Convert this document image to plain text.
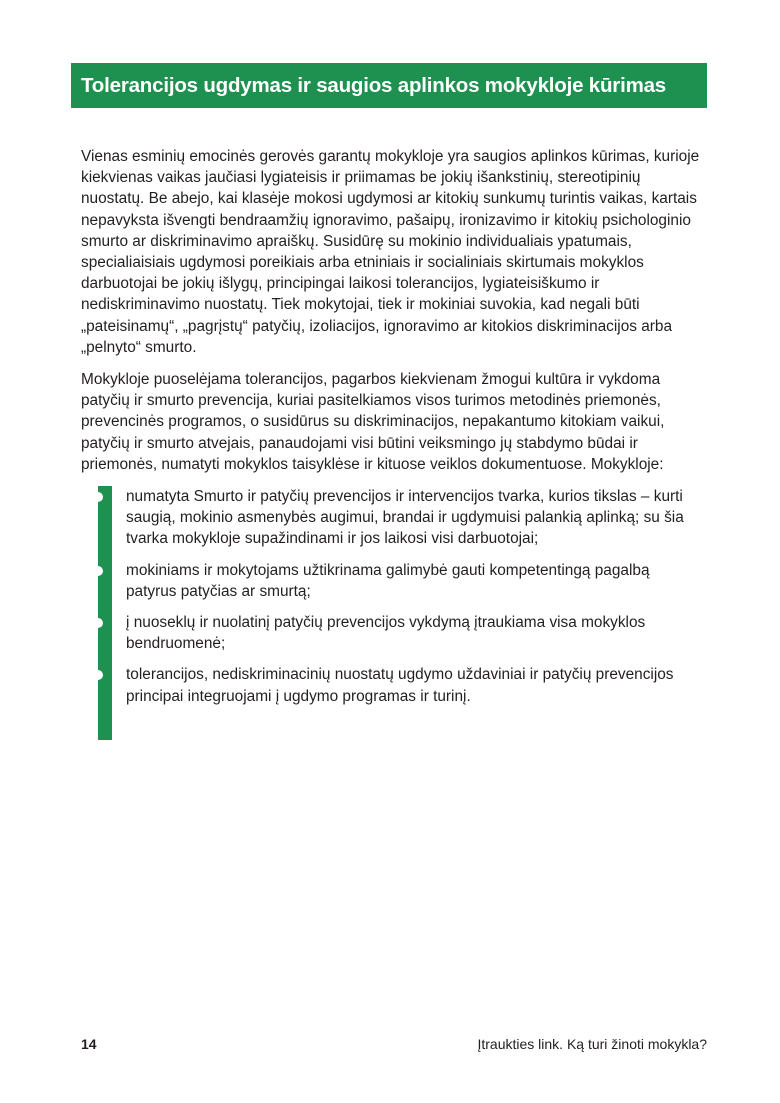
Tolerancijos ugdymas ir saugios aplinkos mokykloje kūrimas

Vienas esminių emocinės gerovės garantų mokykloje yra saugios aplinkos kūrimas, kurioje kiekvienas vaikas jaučiasi lygiateisis ir priimamas be jokių išankstinių, stereotipinių nuostatų. Be abejo, kai klasėje mokosi ugdymosi ar kitokių sunkumų turintis vaikas, kartais nepavyksta išvengti bendraamžių ignoravimo, pašaipų, ironizavimo ir kitokių psichologinio smurto ar diskriminavimo apraiškų. Susidūrę su mokinio individualiais ypatumais, specialiaisiais ugdymosi poreikiais arba etniniais ir socialiniais skirtumais mokyklos darbuotojai be jokių išlygų, principingai laikosi tolerancijos, lygiateisiškumo ir nediskriminavimo nuostatų. Tiek mokytojai, tiek ir mokiniai suvokia, kad negali būti „pateisinamų“, „pagrįstų“ patyčių, izoliacijos, ignoravimo ar kitokios diskriminacijos arba „pelnyto“ smurto.

Mokykloje puoselėjama tolerancijos, pagarbos kiekvienam žmogui kultūra ir vykdoma patyčių ir smurto prevencija, kuriai pasitelkiamos visos turimos metodinės priemonės, prevencinės programos, o susidūrus su diskriminacijos, nepakantumo kitokiam vaikui, patyčių ir smurto atvejais, panaudojami visi būtini veiksmingo jų stabdymo būdai ir priemonės, numatyti mokyklos taisyklėse ir kituose veiklos dokumentuose. Mokykloje:

numatyta Smurto ir patyčių prevencijos ir intervencijos tvarka, kurios tikslas – kurti saugią, mokinio asmenybės augimui, brandai ir ugdymuisi palankią aplinką; su šia tvarka mokykloje supažindinami ir jos laikosi visi darbuotojai;
mokiniams ir mokytojams užtikrinama galimybė gauti kompetentingą pagalbą patyrus patyčias ar smurtą;
į nuoseklų ir nuolatinį patyčių prevencijos vykdymą įtraukiama visa mokyklos bendruomenė;
tolerancijos, nediskriminacinių nuostatų ugdymo uždaviniai ir patyčių prevencijos principai integruojami į ugdymo programas ir turinį.
14	Įtraukties link. Ką turi žinoti mokykla?
